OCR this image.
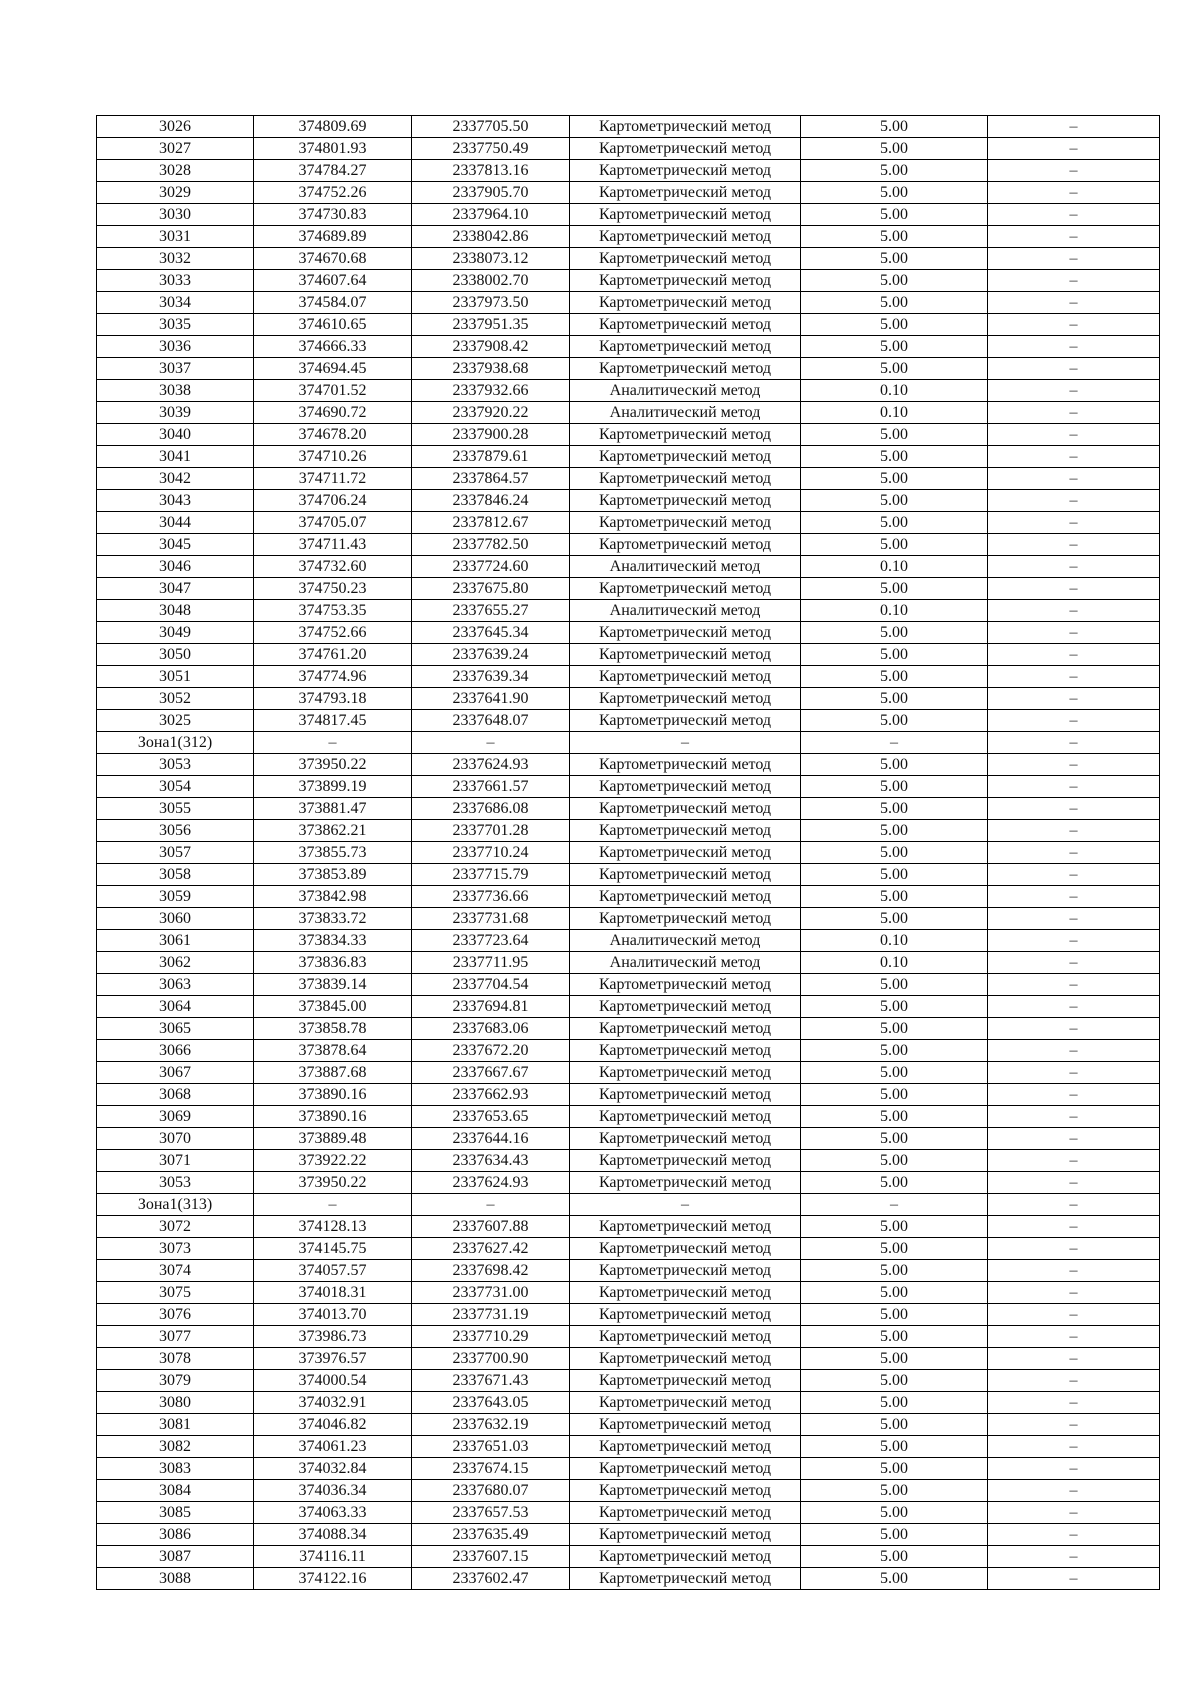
3026	374809.69	2337705.50	Картометрический метод	5.00	–
3027	374801.93	2337750.49	Картометрический метод	5.00	–
3028	374784.27	2337813.16	Картометрический метод	5.00	–
3029	374752.26	2337905.70	Картометрический метод	5.00	–
3030	374730.83	2337964.10	Картометрический метод	5.00	–
3031	374689.89	2338042.86	Картометрический метод	5.00	–
3032	374670.68	2338073.12	Картометрический метод	5.00	–
3033	374607.64	2338002.70	Картометрический метод	5.00	–
3034	374584.07	2337973.50	Картометрический метод	5.00	–
3035	374610.65	2337951.35	Картометрический метод	5.00	–
3036	374666.33	2337908.42	Картометрический метод	5.00	–
3037	374694.45	2337938.68	Картометрический метод	5.00	–
3038	374701.52	2337932.66	Аналитический метод	0.10	–
3039	374690.72	2337920.22	Аналитический метод	0.10	–
3040	374678.20	2337900.28	Картометрический метод	5.00	–
3041	374710.26	2337879.61	Картометрический метод	5.00	–
3042	374711.72	2337864.57	Картометрический метод	5.00	–
3043	374706.24	2337846.24	Картометрический метод	5.00	–
3044	374705.07	2337812.67	Картометрический метод	5.00	–
3045	374711.43	2337782.50	Картометрический метод	5.00	–
3046	374732.60	2337724.60	Аналитический метод	0.10	–
3047	374750.23	2337675.80	Картометрический метод	5.00	–
3048	374753.35	2337655.27	Аналитический метод	0.10	–
3049	374752.66	2337645.34	Картометрический метод	5.00	–
3050	374761.20	2337639.24	Картометрический метод	5.00	–
3051	374774.96	2337639.34	Картометрический метод	5.00	–
3052	374793.18	2337641.90	Картометрический метод	5.00	–
3025	374817.45	2337648.07	Картометрический метод	5.00	–
Зона1(312)	–	–	–	–	–
3053	373950.22	2337624.93	Картометрический метод	5.00	–
3054	373899.19	2337661.57	Картометрический метод	5.00	–
3055	373881.47	2337686.08	Картометрический метод	5.00	–
3056	373862.21	2337701.28	Картометрический метод	5.00	–
3057	373855.73	2337710.24	Картометрический метод	5.00	–
3058	373853.89	2337715.79	Картометрический метод	5.00	–
3059	373842.98	2337736.66	Картометрический метод	5.00	–
3060	373833.72	2337731.68	Картометрический метод	5.00	–
3061	373834.33	2337723.64	Аналитический метод	0.10	–
3062	373836.83	2337711.95	Аналитический метод	0.10	–
3063	373839.14	2337704.54	Картометрический метод	5.00	–
3064	373845.00	2337694.81	Картометрический метод	5.00	–
3065	373858.78	2337683.06	Картометрический метод	5.00	–
3066	373878.64	2337672.20	Картометрический метод	5.00	–
3067	373887.68	2337667.67	Картометрический метод	5.00	–
3068	373890.16	2337662.93	Картометрический метод	5.00	–
3069	373890.16	2337653.65	Картометрический метод	5.00	–
3070	373889.48	2337644.16	Картометрический метод	5.00	–
3071	373922.22	2337634.43	Картометрический метод	5.00	–
3053	373950.22	2337624.93	Картометрический метод	5.00	–
Зона1(313)	–	–	–	–	–
3072	374128.13	2337607.88	Картометрический метод	5.00	–
3073	374145.75	2337627.42	Картометрический метод	5.00	–
3074	374057.57	2337698.42	Картометрический метод	5.00	–
3075	374018.31	2337731.00	Картометрический метод	5.00	–
3076	374013.70	2337731.19	Картометрический метод	5.00	–
3077	373986.73	2337710.29	Картометрический метод	5.00	–
3078	373976.57	2337700.90	Картометрический метод	5.00	–
3079	374000.54	2337671.43	Картометрический метод	5.00	–
3080	374032.91	2337643.05	Картометрический метод	5.00	–
3081	374046.82	2337632.19	Картометрический метод	5.00	–
3082	374061.23	2337651.03	Картометрический метод	5.00	–
3083	374032.84	2337674.15	Картометрический метод	5.00	–
3084	374036.34	2337680.07	Картометрический метод	5.00	–
3085	374063.33	2337657.53	Картометрический метод	5.00	–
3086	374088.34	2337635.49	Картометрический метод	5.00	–
3087	374116.11	2337607.15	Картометрический метод	5.00	–
3088	374122.16	2337602.47	Картометрический метод	5.00	–
